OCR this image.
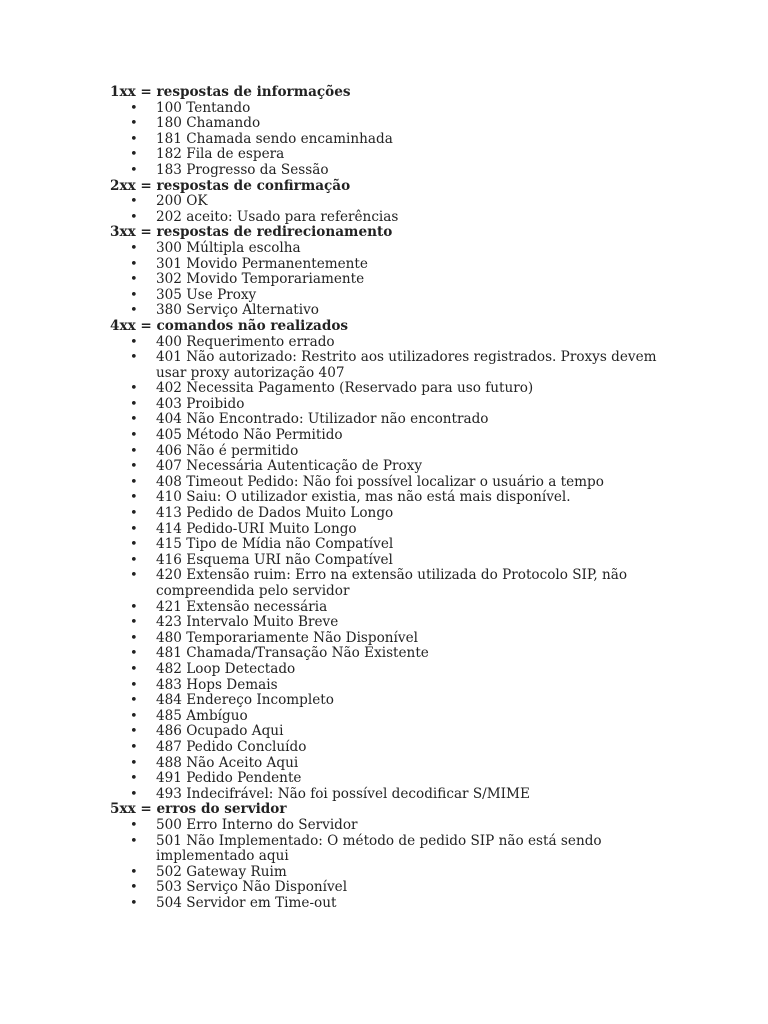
1xx = respostas de informações

• 100 Tentando
• 180 Chamando
• 181 Chamada sendo encaminhada
• 182 Fila de espera
• 183 Progresso da Sessão

2xx = respostas de confirmação

• 200 OK
• 202 aceito: Usado para referências

3xx = respostas de redirecionamento

• 300 Múltipla escolha
• 301 Movido Permanentemente
• 302 Movido Temporariamente
• 305 Use Proxy
• 380 Serviço Alternativo

4xx = comandos não realizados

• 400 Requerimento errado
• 401 Não autorizado: Restrito aos utilizadores registrados. Proxys devem usar proxy autorização 407
• 402 Necessita Pagamento (Reservado para uso futuro)
• 403 Proibido
• 404 Não Encontrado: Utilizador não encontrado
• 405 Método Não Permitido
• 406 Não é permitido
• 407 Necessária Autenticação de Proxy
• 408 Timeout Pedido: Não foi possível localizar o usuário a tempo
• 410 Saiu: O utilizador existia, mas não está mais disponível.
• 413 Pedido de Dados Muito Longo
• 414 Pedido-URI Muito Longo
• 415 Tipo de Mídia não Compatível
• 416 Esquema URI não Compatível
• 420 Extensão ruim: Erro na extensão utilizada do Protocolo SIP, não compreendida pelo servidor
• 421 Extensão necessária
• 423 Intervalo Muito Breve
• 480 Temporariamente Não Disponível
• 481 Chamada/Transação Não Existente
• 482 Loop Detectado
• 483 Hops Demais
• 484 Endereço Incompleto
• 485 Ambíguo
• 486 Ocupado Aqui
• 487 Pedido Concluído
• 488 Não Aceito Aqui
• 491 Pedido Pendente
• 493 Indecifrável: Não foi possível decodificar S/MIME

5xx = erros do servidor

• 500 Erro Interno do Servidor
• 501 Não Implementado: O método de pedido SIP não está sendo implementado aqui
• 502 Gateway Ruim
• 503 Serviço Não Disponível
• 504 Servidor em Time-out
